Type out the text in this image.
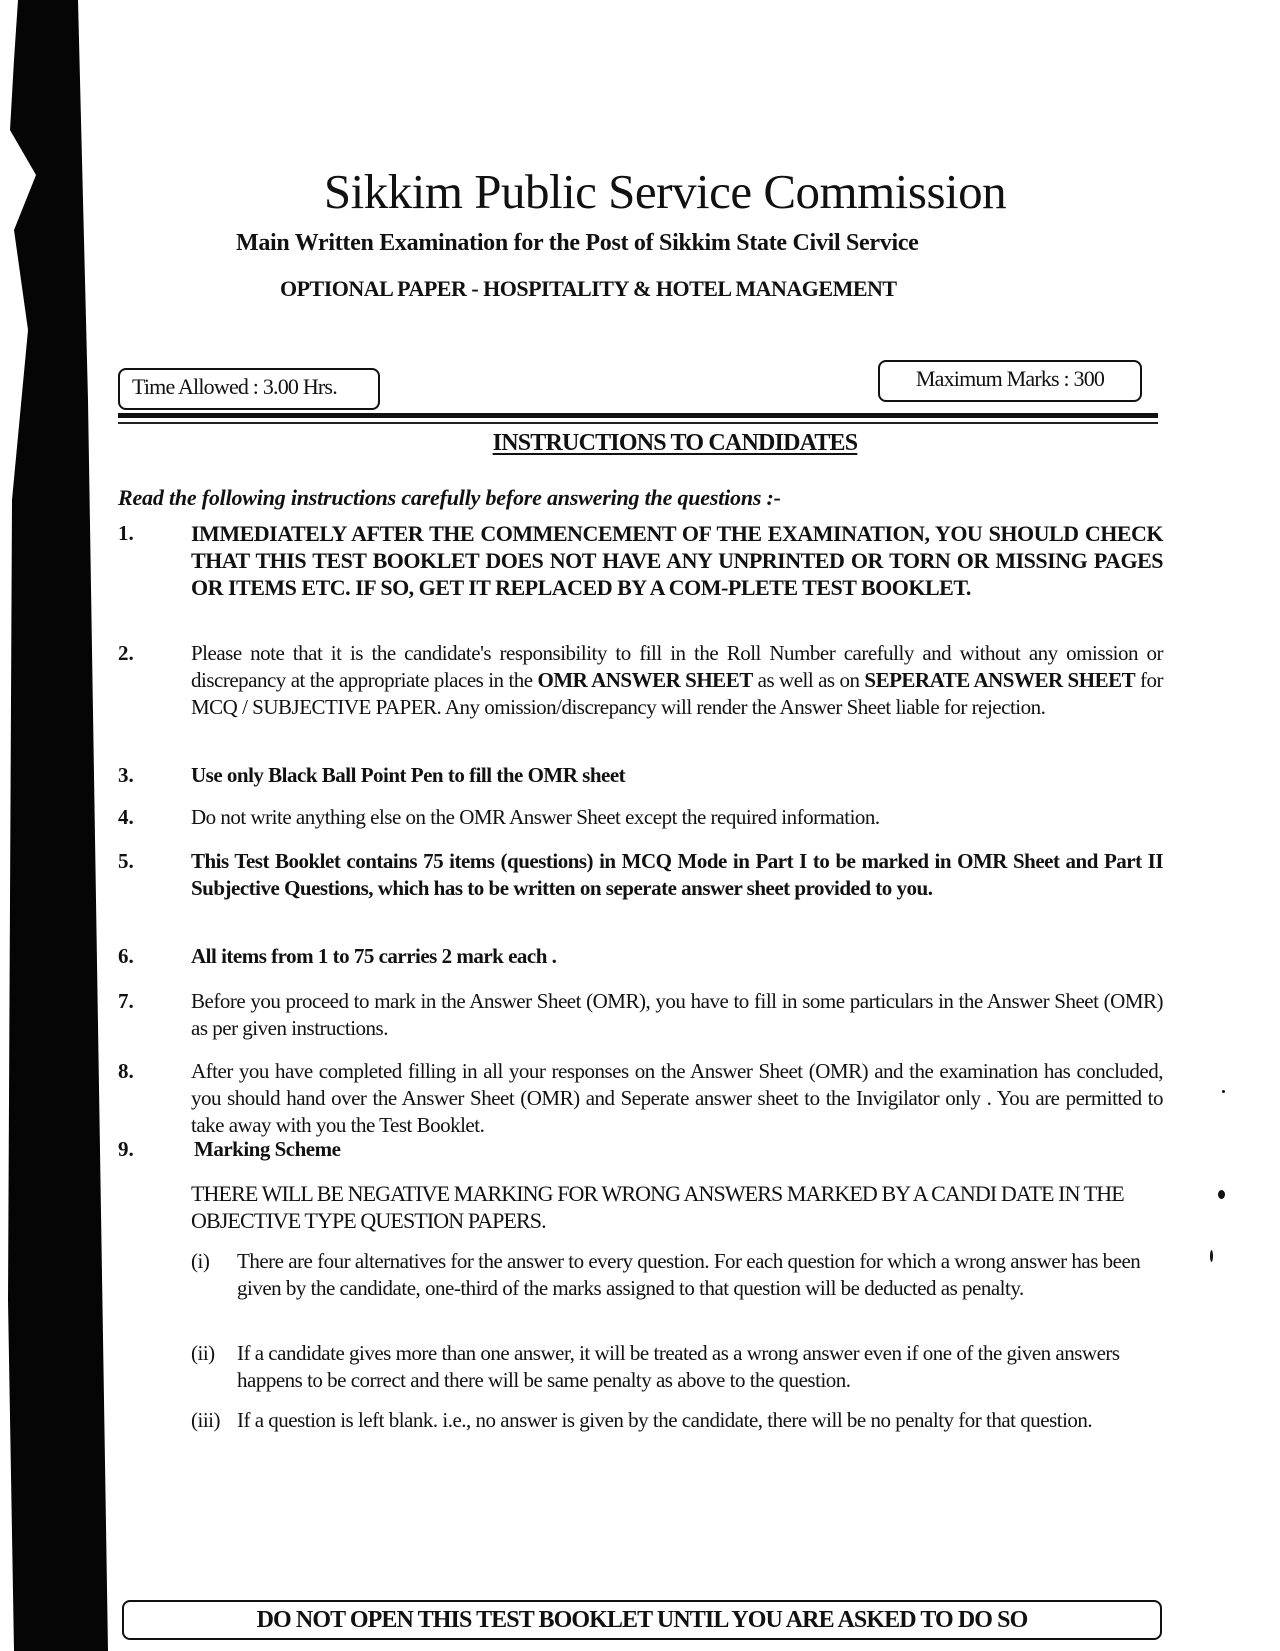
Sikkim Public Service Commission
Main Written Examination for the Post of Sikkim State Civil Service
OPTIONAL PAPER - HOSPITALITY & HOTEL MANAGEMENT
Time Allowed : 3.00 Hrs.	Maximum Marks : 300
INSTRUCTIONS TO CANDIDATES
Read the following instructions carefully before answering the questions :-
1.	IMMEDIATELY AFTER THE COMMENCEMENT OF THE EXAMINATION, YOU SHOULD CHECK THAT THIS TEST BOOKLET DOES NOT HAVE ANY UNPRINTED OR TORN OR MISSING PAGES OR ITEMS ETC. IF SO, GET IT REPLACED BY A COM-PLETE TEST BOOKLET.
2.	Please note that it is the candidate's responsibility to fill in the Roll Number carefully and without any omission or discrepancy at the appropriate places in the OMR ANSWER SHEET as well as on SEPERATE ANSWER SHEET for MCQ / SUBJECTIVE PAPER. Any omission/discrepancy will render the Answer Sheet liable for rejection.
3.	Use only Black Ball Point Pen to fill the OMR sheet
4.	Do not write anything else on the OMR Answer Sheet except the required information.
5.	This Test Booklet contains 75 items (questions) in MCQ Mode in Part I to be marked in OMR Sheet and Part II Subjective Questions, which has to be written on seperate answer sheet provided to you.
6.	All items from 1 to 75 carries 2 mark each .
7.	Before you proceed to mark in the Answer Sheet (OMR), you have to fill in some particulars in the Answer Sheet (OMR) as per given instructions.
8.	After you have completed filling in all your responses on the Answer Sheet (OMR) and the examination has concluded, you should hand over the Answer Sheet (OMR) and Seperate answer sheet to the Invigilator only . You are permitted to take away with you the Test Booklet.
9.	Marking Scheme
THERE WILL BE NEGATIVE MARKING FOR WRONG ANSWERS MARKED BY A CANDI DATE IN THE OBJECTIVE TYPE QUESTION PAPERS.
(i) There are four alternatives for the answer to every question. For each question for which a wrong answer has been given by the candidate, one-third of the marks assigned to that question will be deducted as penalty.
(ii) If a candidate gives more than one answer, it will be treated as a wrong answer even if one of the given answers happens to be correct and there will be same penalty as above to the question.
(iii) If a question is left blank. i.e., no answer is given by the candidate, there will be no penalty for that question.
DO NOT OPEN THIS TEST BOOKLET UNTIL YOU ARE ASKED TO DO SO
